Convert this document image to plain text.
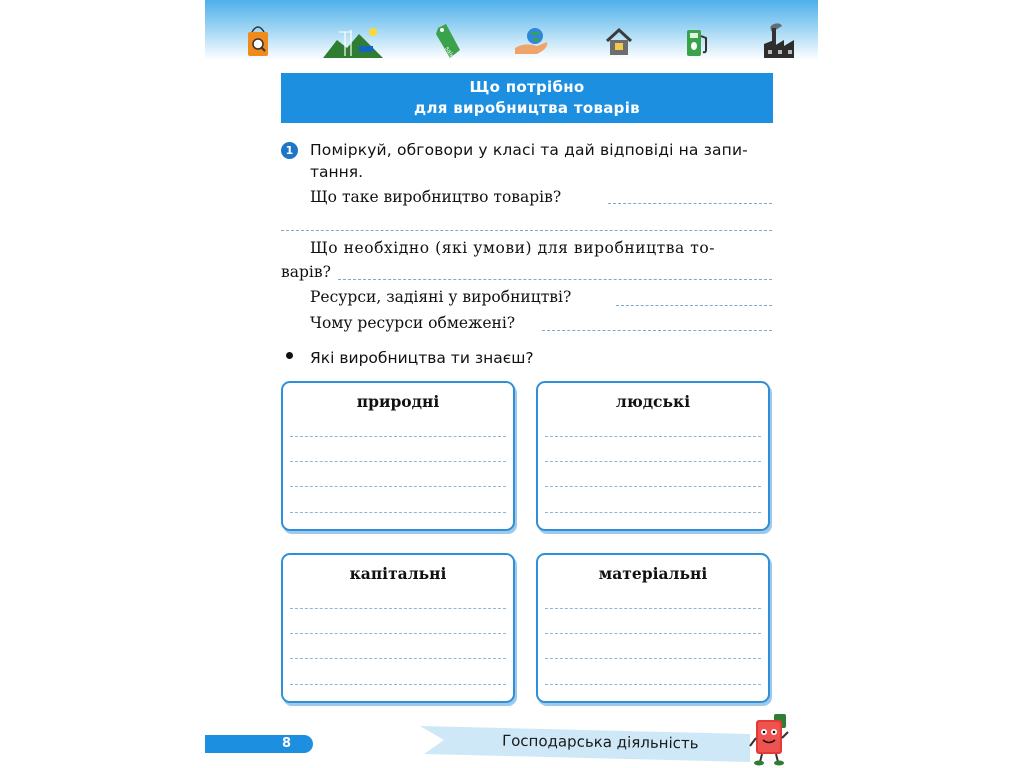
sale
Що потрібно
для виробництва товарів
1	Поміркуй, обговори у класі та дай відповіді на запи-
тання.
Що таке виробництво товарів?
Що необхідно (які умови) для виробництва то-
варів?
Ресурси, задіяні у виробництві?
Чому ресурси обмежені?
Які виробництва ти знаєш?
природні	людські
капітальні	матеріальні
8	Господарська діяльність
